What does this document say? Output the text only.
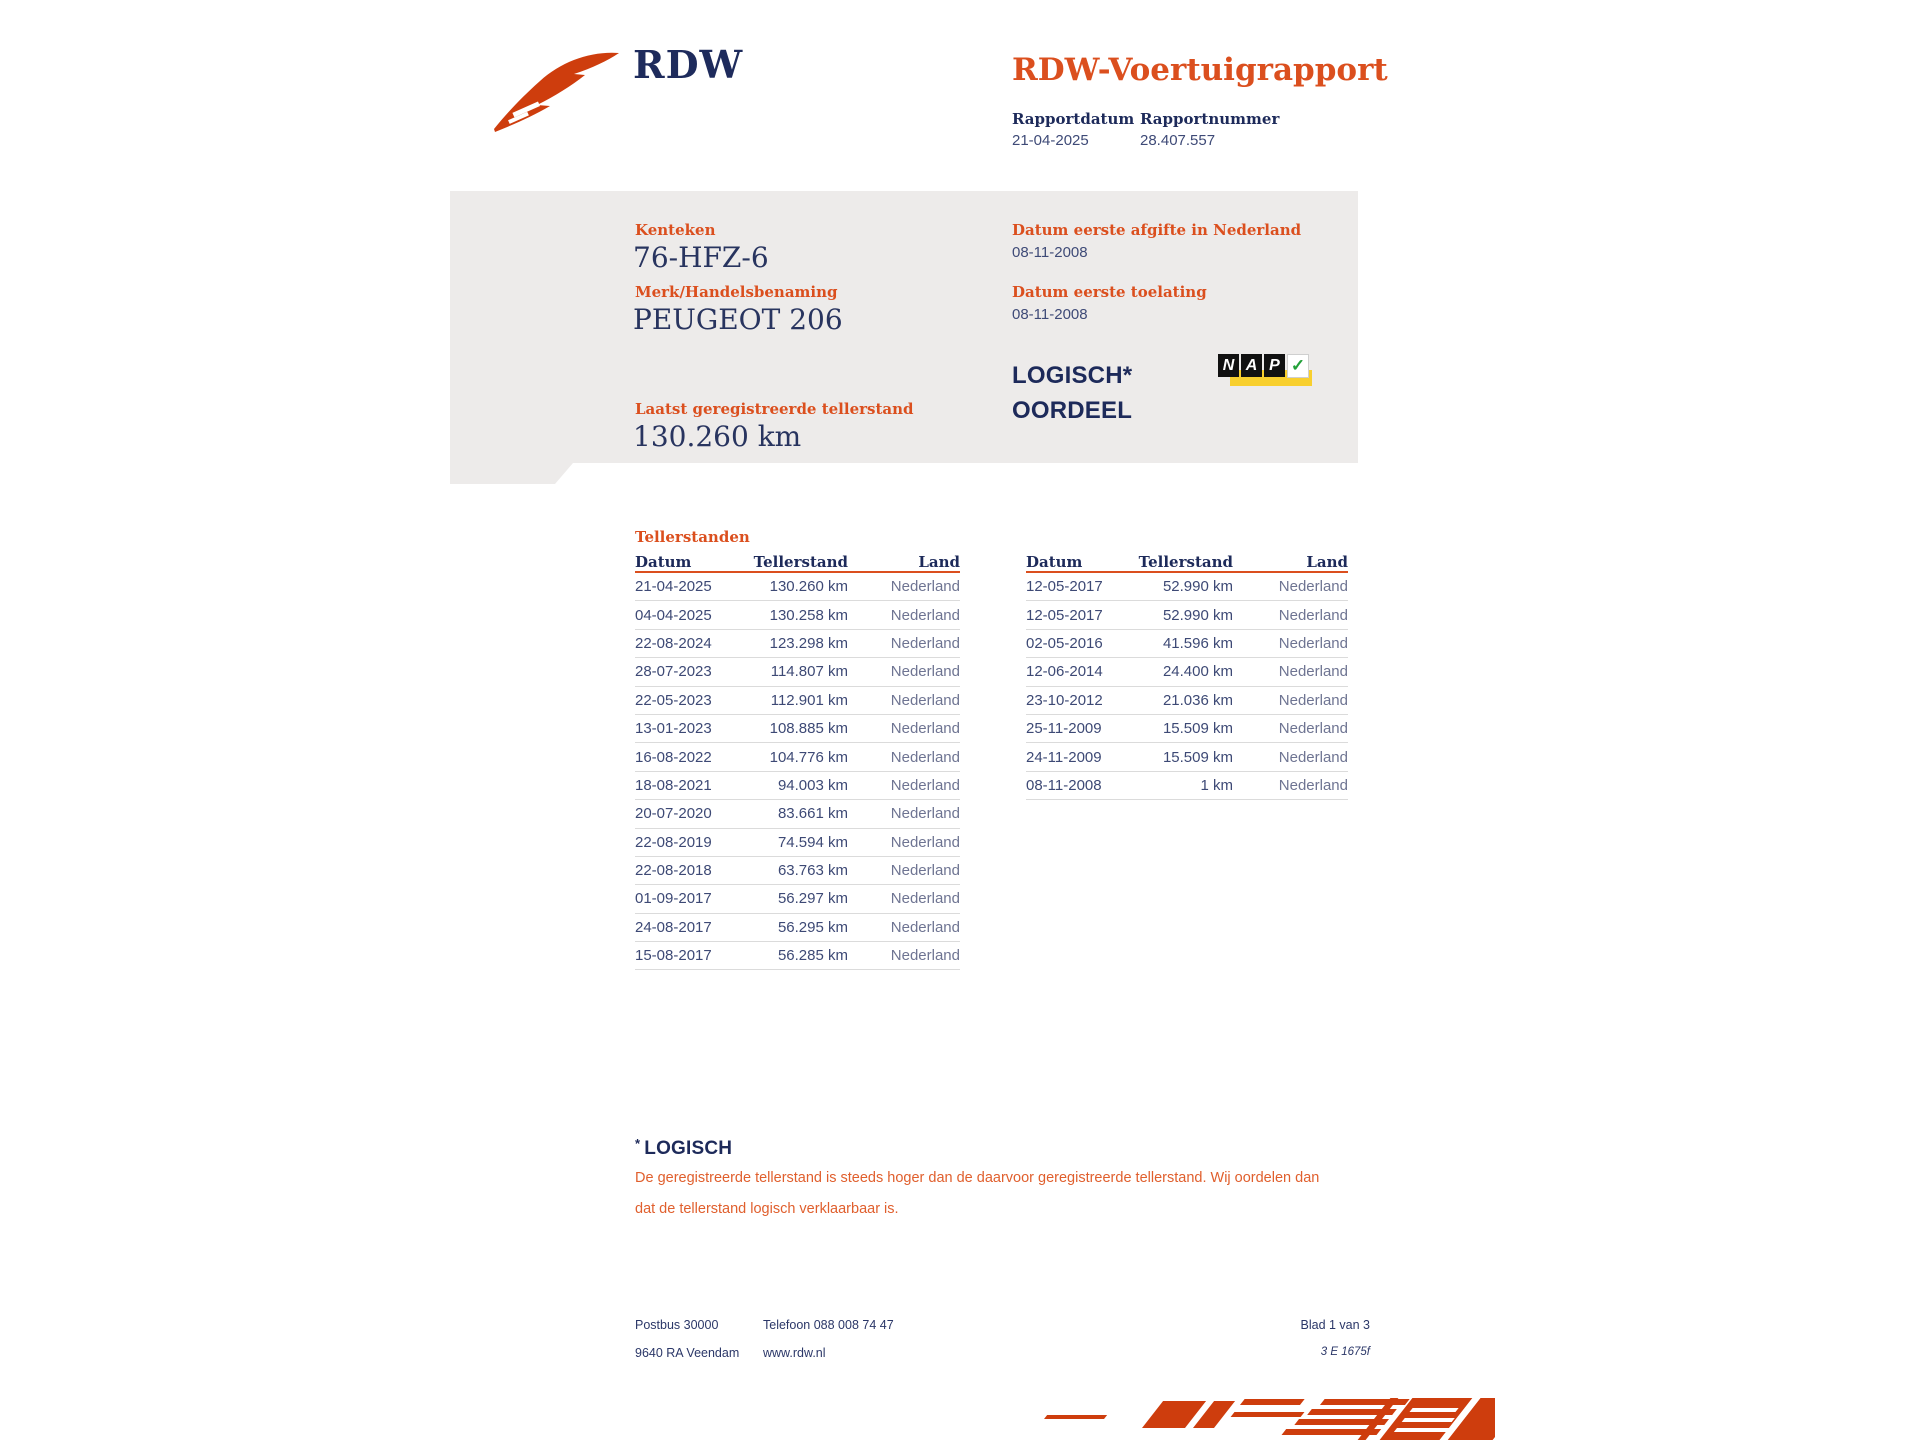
RDW	RDW-Voertuigrapport
Rapportdatum
21-04-2025
Rapportnummer
28.407.557
Kenteken
76-HFZ-6
Merk/Handelsbenaming
PEUGEOT 206
Laatst geregistreerde tellerstand
130.260 km
Datum eerste afgifte in Nederland
08-11-2008
Datum eerste toelating
08-11-2008
LOGISCH*
OORDEEL
N A P ✓
Tellerstanden
Datum	Tellerstand	Land
21-04-2025	130.260 km	Nederland
04-04-2025	130.258 km	Nederland
22-08-2024	123.298 km	Nederland
28-07-2023	114.807 km	Nederland
22-05-2023	112.901 km	Nederland
13-01-2023	108.885 km	Nederland
16-08-2022	104.776 km	Nederland
18-08-2021	94.003 km	Nederland
20-07-2020	83.661 km	Nederland
22-08-2019	74.594 km	Nederland
22-08-2018	63.763 km	Nederland
01-09-2017	56.297 km	Nederland
24-08-2017	56.295 km	Nederland
15-08-2017	56.285 km	Nederland
Datum	Tellerstand	Land
12-05-2017	52.990 km	Nederland
12-05-2017	52.990 km	Nederland
02-05-2016	41.596 km	Nederland
12-06-2014	24.400 km	Nederland
23-10-2012	21.036 km	Nederland
25-11-2009	15.509 km	Nederland
24-11-2009	15.509 km	Nederland
08-11-2008	1 km	Nederland
* LOGISCH
De geregistreerde tellerstand is steeds hoger dan de daarvoor geregistreerde tellerstand. Wij oordelen dan
dat de tellerstand logisch verklaarbaar is.
Postbus 30000
9640 RA Veendam
Telefoon 088 008 74 47
www.rdw.nl
Blad 1 van 3
3 E 1675f
